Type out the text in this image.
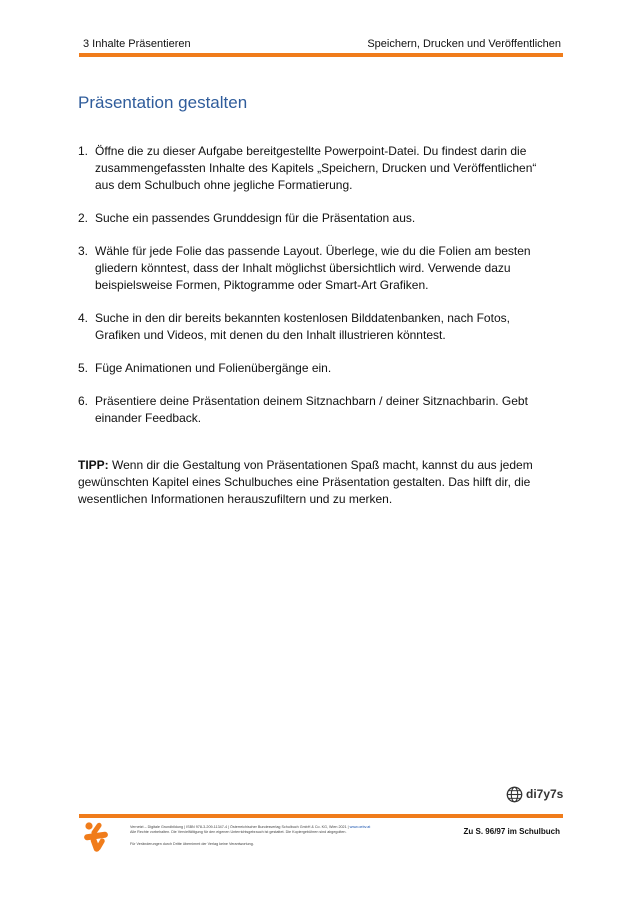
3 Inhalte Präsentieren	Speichern, Drucken und Veröffentlichen
Präsentation gestalten
1. Öffne die zu dieser Aufgabe bereitgestellte Powerpoint-Datei. Du findest darin die zusammengefassten Inhalte des Kapitels „Speichern, Drucken und Veröffentlichen“ aus dem Schulbuch ohne jegliche Formatierung.
2. Suche ein passendes Grunddesign für die Präsentation aus.
3. Wähle für jede Folie das passende Layout. Überlege, wie du die Folien am besten gliedern könntest, dass der Inhalt möglichst übersichtlich wird. Verwende dazu beispielsweise Formen, Piktogramme oder Smart-Art Grafiken.
4. Suche in den dir bereits bekannten kostenlosen Bilddatenbanken, nach Fotos, Grafiken und Videos, mit denen du den Inhalt illustrieren könntest.
5. Füge Animationen und Folienübergänge ein.
6. Präsentiere deine Präsentation deinem Sitznachbarn / deiner Sitznachbarin. Gebt einander Feedback.
TIPP: Wenn dir die Gestaltung von Präsentationen Spaß macht, kannst du aus jedem gewünschten Kapitel eines Schulbuches eine Präsentation gestalten. Das hilft dir, die wesentlichen Informationen herauszufiltern und zu merken.
di7y7s
Vernetzt – Digitale Grundbildung | ISBN 978-3-209-11347-4 | Österreichischer Bundesverlag Schulbuch GmbH & Co. KG, Wien 2021 | www.oebv.at
Alle Rechte vorbehalten. Die Vervielfältigung für den eigenen Unterrichtsgebrauch ist gestattet. Die Kopiergebühren sind abgegolten.
Für Veränderungen durch Dritte übernimmt der Verlag keine Verantwortung.
Zu S. 96/97 im Schulbuch
